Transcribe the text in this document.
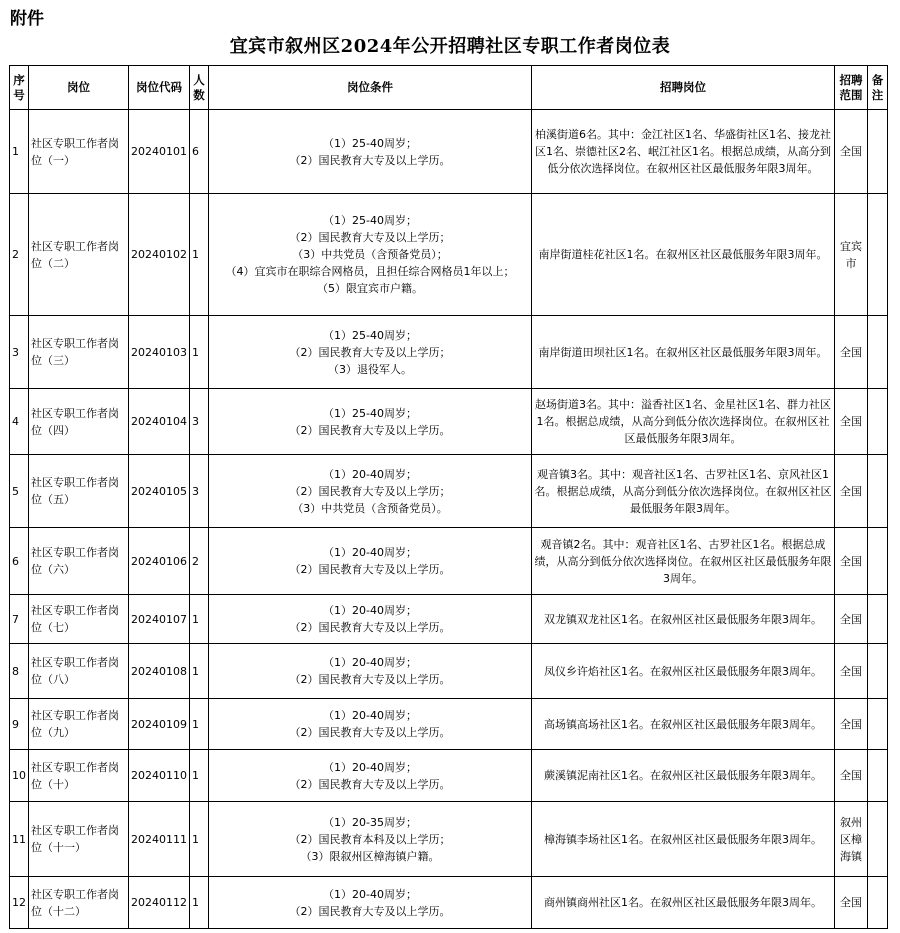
附件
宜宾市叙州区2024年公开招聘社区专职工作者岗位表
序号	岗位	岗位代码	人数	岗位条件	招聘岗位	招聘范围	备注
1	社区专职工作者岗位（一）	20240101	6	（1）25-40周岁；
（2）国民教育大专及以上学历。	柏溪街道6名。其中：金江社区1名、华盛街社区1名、接龙社区1名、崇德社区2名、岷江社区1名。根据总成绩，从高分到低分依次选择岗位。在叙州区社区最低服务年限3周年。	全国	
2	社区专职工作者岗位（二）	20240102	1	（1）25-40周岁；
（2）国民教育大专及以上学历；
（3）中共党员（含预备党员）；
（4）宜宾市在职综合网格员，且担任综合网格员1年以上；
（5）限宜宾市户籍。	南岸街道桂花社区1名。在叙州区社区最低服务年限3周年。	宜宾市	
3	社区专职工作者岗位（三）	20240103	1	（1）25-40周岁；
（2）国民教育大专及以上学历；
（3）退役军人。	南岸街道田坝社区1名。在叙州区社区最低服务年限3周年。	全国	
4	社区专职工作者岗位（四）	20240104	3	（1）25-40周岁；
（2）国民教育大专及以上学历。	赵场街道3名。其中：溢香社区1名、金星社区1名、群力社区1名。根据总成绩，从高分到低分依次选择岗位。在叙州区社区最低服务年限3周年。	全国	
5	社区专职工作者岗位（五）	20240105	3	（1）20-40周岁；
（2）国民教育大专及以上学历；
（3）中共党员（含预备党员）。	观音镇3名。其中：观音社区1名、古罗社区1名、京风社区1名。根据总成绩，从高分到低分依次选择岗位。在叙州区社区最低服务年限3周年。	全国	
6	社区专职工作者岗位（六）	20240106	2	（1）20-40周岁；
（2）国民教育大专及以上学历。	观音镇2名。其中：观音社区1名、古罗社区1名。根据总成绩，从高分到低分依次选择岗位。在叙州区社区最低服务年限3周年。	全国	
7	社区专职工作者岗位（七）	20240107	1	（1）20-40周岁；
（2）国民教育大专及以上学历。	双龙镇双龙社区1名。在叙州区社区最低服务年限3周年。	全国	
8	社区专职工作者岗位（八）	20240108	1	（1）20-40周岁；
（2）国民教育大专及以上学历。	凤仪乡许焰社区1名。在叙州区社区最低服务年限3周年。	全国	
9	社区专职工作者岗位（九）	20240109	1	（1）20-40周岁；
（2）国民教育大专及以上学历。	高场镇高场社区1名。在叙州区社区最低服务年限3周年。	全国	
10	社区专职工作者岗位（十）	20240110	1	（1）20-40周岁；
（2）国民教育大专及以上学历。	蕨溪镇泥南社区1名。在叙州区社区最低服务年限3周年。	全国	
11	社区专职工作者岗位（十一）	20240111	1	（1）20-35周岁；
（2）国民教育本科及以上学历；
（3）限叙州区樟海镇户籍。	樟海镇李场社区1名。在叙州区社区最低服务年限3周年。	叙州区樟海镇	
12	社区专职工作者岗位（十二）	20240112	1	（1）20-40周岁；
（2）国民教育大专及以上学历。	商州镇商州社区1名。在叙州区社区最低服务年限3周年。	全国	
